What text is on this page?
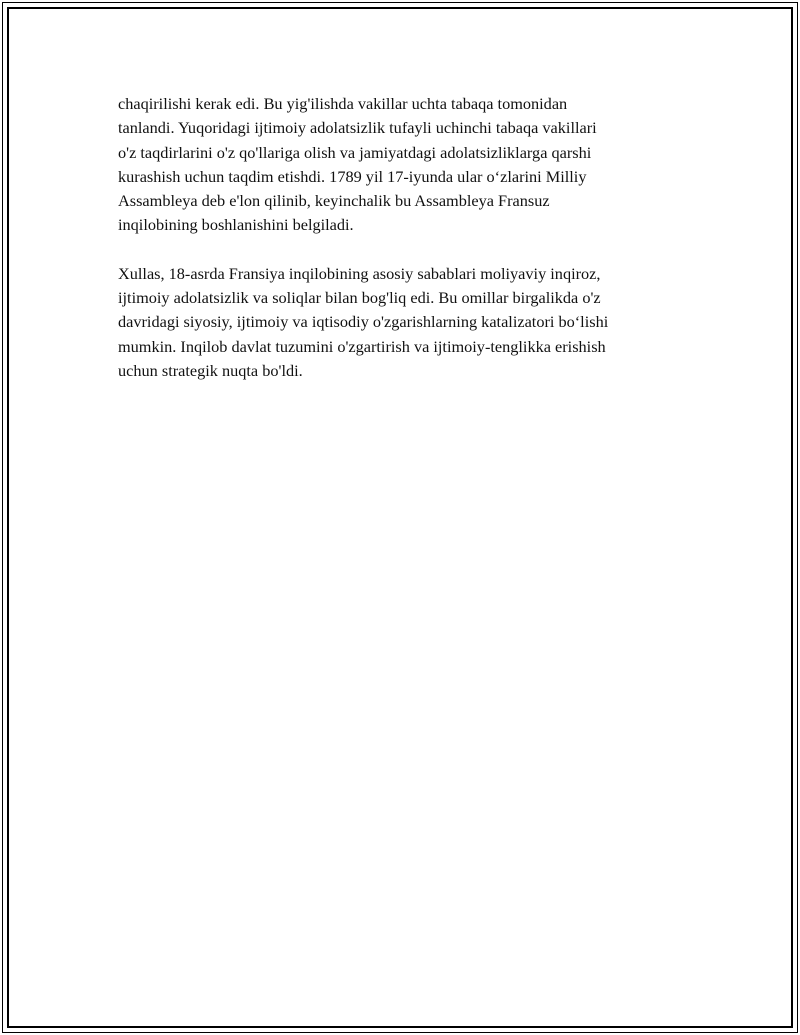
chaqirilishi kerak edi. Bu yig'ilishda vakillar uchta tabaqa tomonidan
tanlandi. Yuqoridagi ijtimoiy adolatsizlik tufayli uchinchi tabaqa vakillari
o'z taqdirlarini o'z qo'llariga olish va jamiyatdagi adolatsizliklarga qarshi
kurashish uchun taqdim etishdi. 1789 yil 17-iyunda ular o‘zlarini Milliy
Assambleya deb e'lon qilinib, keyinchalik bu Assambleya Fransuz
inqilobining boshlanishini belgiladi.

Xullas, 18-asrda Fransiya inqilobining asosiy sabablari moliyaviy inqiroz,
ijtimoiy adolatsizlik va soliqlar bilan bog'liq edi. Bu omillar birgalikda o'z
davridagi siyosiy, ijtimoiy va iqtisodiy o'zgarishlarning katalizatori bo‘lishi
mumkin. Inqilob davlat tuzumini o'zgartirish va ijtimoiy-tenglikka erishish
uchun strategik nuqta bo'ldi.
